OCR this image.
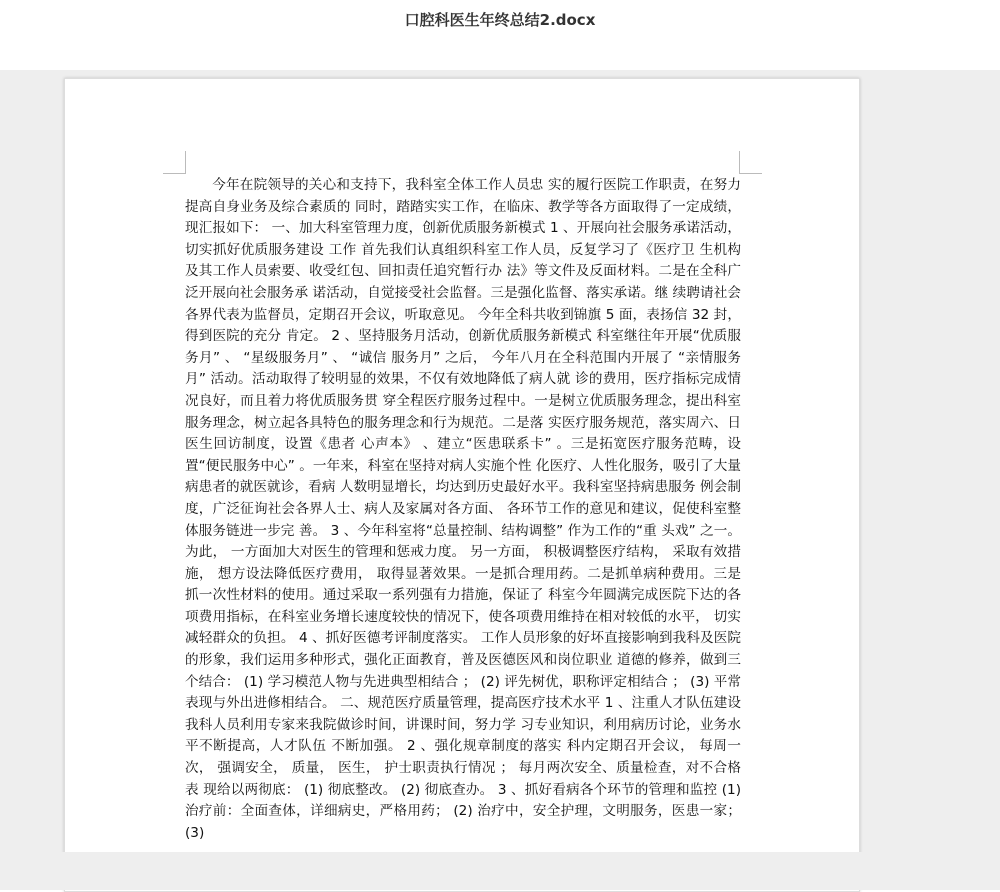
口腔科医生年终总结2.docx
今年在院领导的关心和支持下，我科室全体工作人员忠 实的履行医院工作职责，在努力提高自身业务及综合素质的 同时，踏踏实实工作，在临床、教学等各方面取得了一定成绩，现汇报如下： 一、加大科室管理力度，创新优质服务新模式 1 、开展向社会服务承诺活动，切实抓好优质服务建设 工作 首先我们认真组织科室工作人员，反复学习了《医疗卫 生机构及其工作人员索要、收受红包、回扣责任追究暂行办 法》等文件及反面材料。二是在全科广泛开展向社会服务承 诺活动，自觉接受社会监督。三是强化监督、落实承诺。继 续聘请社会各界代表为监督员，定期召开会议，听取意见。 今年全科共收到锦旗 5 面，表扬信 32 封，得到医院的充分 肯定。 2 、坚持服务月活动，创新优质服务新模式 科室继往年开展“优质服务月” 、 “星级服务月” 、 “诚信 服务月” 之后， 今年八月在全科范围内开展了 “亲情服务月” 活动。活动取得了较明显的效果，不仅有效地降低了病人就 诊的费用，医疗指标完成情况良好，而且着力将优质服务贯 穿全程医疗服务过程中。一是树立优质服务理念，提出科室 服务理念，树立起各具特色的服务理念和行为规范。二是落 实医疗服务规范，落实周六、日医生回访制度，设置《患者 心声本》 、建立“医患联系卡” 。三是拓宽医疗服务范畴，设 置“便民服务中心” 。一年来，科室在坚持对病人实施个性 化医疗、人性化服务，吸引了大量病患者的就医就诊，看病 人数明显增长，均达到历史最好水平。我科室坚持病患服务 例会制度，广泛征询社会各界人士、病人及家属对各方面、 各环节工作的意见和建议，促使科室整体服务链进一步完 善。 3 、今年科室将“总量控制、结构调整” 作为工作的“重 头戏” 之一。 为此， 一方面加大对医生的管理和惩戒力度。 另一方面， 积极调整医疗结构， 采取有效措施， 想方设法降低医疗费用， 取得显著效果。一是抓合理用药。二是抓单病种费用。三是 抓一次性材料的使用。通过采取一系列强有力措施，保证了 科室今年圆满完成医院下达的各项费用指标，在科室业务增长速度较快的情况下，使各项费用维持在相对较低的水平， 切实减轻群众的负担。 4 、抓好医德考评制度落实。 工作人员形象的好坏直接影响到我科及医院的形象，我们运用多种形式，强化正面教育，普及医德医风和岗位职业 道德的修养，做到三个结合： (1) 学习模范人物与先进典型相结合 ； (2) 评先树优，职称评定相结合 ； (3) 平常表现与外出进修相结合。 二、规范医疗质量管理，提高医疗技术水平 1 、注重人才队伍建设 我科人员利用专家来我院做诊时间，讲课时间，努力学 习专业知识，利用病历讨论，业务水平不断提高，人才队伍 不断加强。 2 、强化规章制度的落实 科内定期召开会议， 每周一次， 强调安全， 质量， 医生， 护士职责执行情况 ； 每月两次安全、质量检查，对不合格表 现给以两彻底： (1) 彻底整改。 (2) 彻底查办。 3 、抓好看病各个环节的管理和监控 (1) 治疗前：全面查体，详细病史，严格用药； (2) 治疗中，安全护理，文明服务，医患一家； (3)
